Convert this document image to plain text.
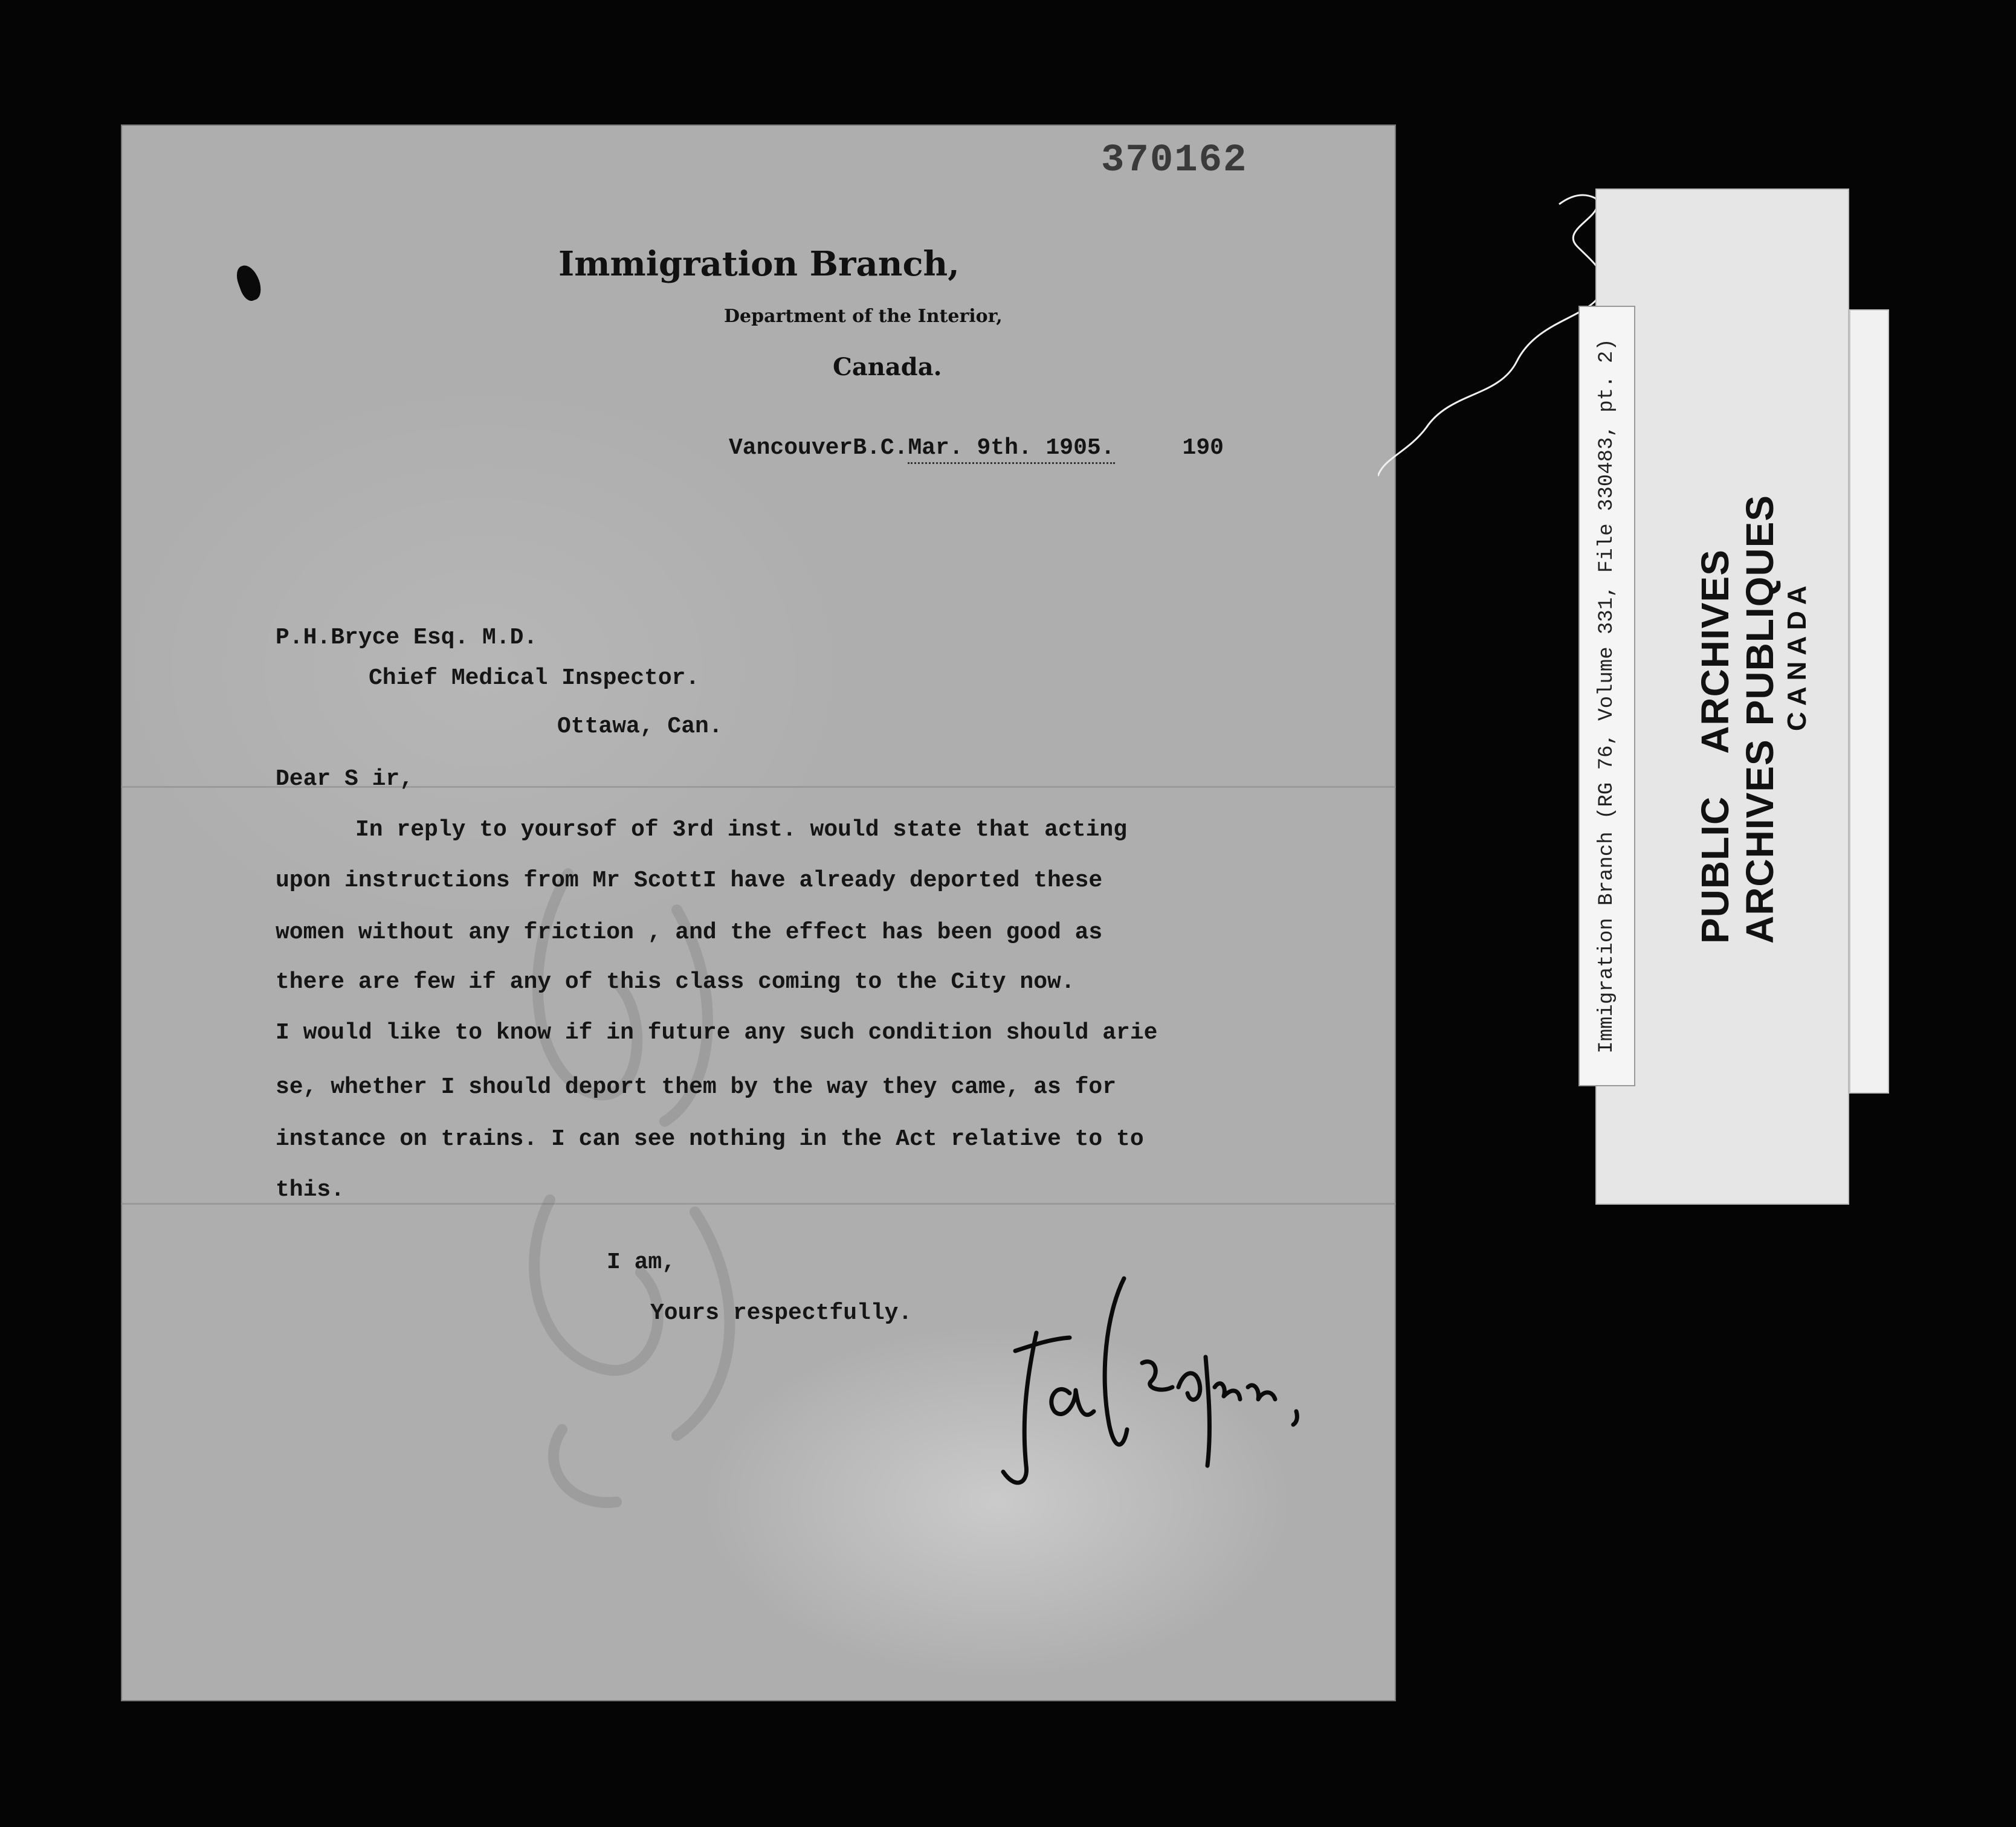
370162
Immigration Branch,
Department of the Interior,
Canada.
VancouverB.C.Mar. 9th. 1905.	190
P.H.Bryce Esq. M.D.
Chief Medical Inspector.
Ottawa, Can.
Dear S ir,
In reply to yoursof of 3rd inst. would state that acting
upon instructions from Mr ScottI have already deported these
women without any friction , and the effect has been good as
there are few if any of this class coming to the City now.
I would like to know if in future any such condition should arie
se, whether I should deport them by the way they came, as for
instance on trains. I can see nothing in the Act relative to to
this.
I am,
Yours respectfully.
Immigration Branch (RG 76, Volume 331, File 330483, pt. 2) PUBLICARCHIVES
ARCHIVESPUBLIQUES CANADA
